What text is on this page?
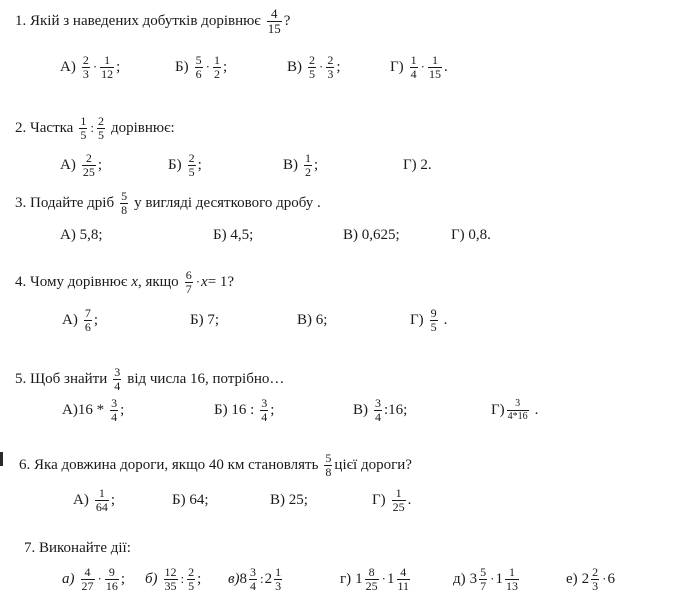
1. Якій з наведених добутків дорівнює $\frac{4}{15}$ ?
$А) \frac{2}{3} \cdot \frac{1}{12}$ ;	$Б) \frac{5}{6} \cdot \frac{1}{2}$ ;	$В) \frac{2}{5} \cdot \frac{2}{3}$ ;	$Г) \frac{1}{4} \cdot \frac{1}{15}$ .
2. Частка $\frac{1}{5}$ : $\frac{2}{5}$ дорівнює:
$А) \frac{2}{25}$ ;	$Б) \frac{2}{5}$ ;	$В) \frac{1}{2}$ ;	Г) 2.
3. Подайте дріб $\frac{5}{8}$ у вигляді десяткового дробу .
А) 5,8;	Б) 4,5;	В) 0,625;	Г) 0,8.
4. Чому дорівнює х , якщо $\frac{6}{7} \cdot х = 1$?
$А) \frac{7}{6}$ ;	Б) 7;	В) 6;	$Г) \frac{9}{5}$ .
5. Щоб знайти $\frac{3}{4}$ від числа 16, потрібно…
$А)16 * \frac{3}{4}$ ;	Б) 16 : $\frac{3}{4}$ ;	$В) \frac{3}{4}$ :16;	$Г) \frac{3}{4*16}$ .
6. Яка довжина дороги, якщо 40 км становлять $\frac{5}{8}$ цієї дороги?
$А) \frac{1}{64}$ ;	Б) 64;	В) 25;	$Г) \frac{1}{25}$ .
7. Виконайте дії:
$а) \frac{4}{27} \cdot \frac{9}{16}$ ; $б) \frac{12}{35}$ : $\frac{2}{5}$ ; в) $8 \frac{3}{4}$ : $2 \frac{1}{3}$	г) $1 \frac{8}{25} \cdot 1 \frac{4}{11}$	д) $3 \frac{5}{7} \cdot 1 \frac{1}{13}$	е) $2 \frac{2}{3} \cdot 6$
